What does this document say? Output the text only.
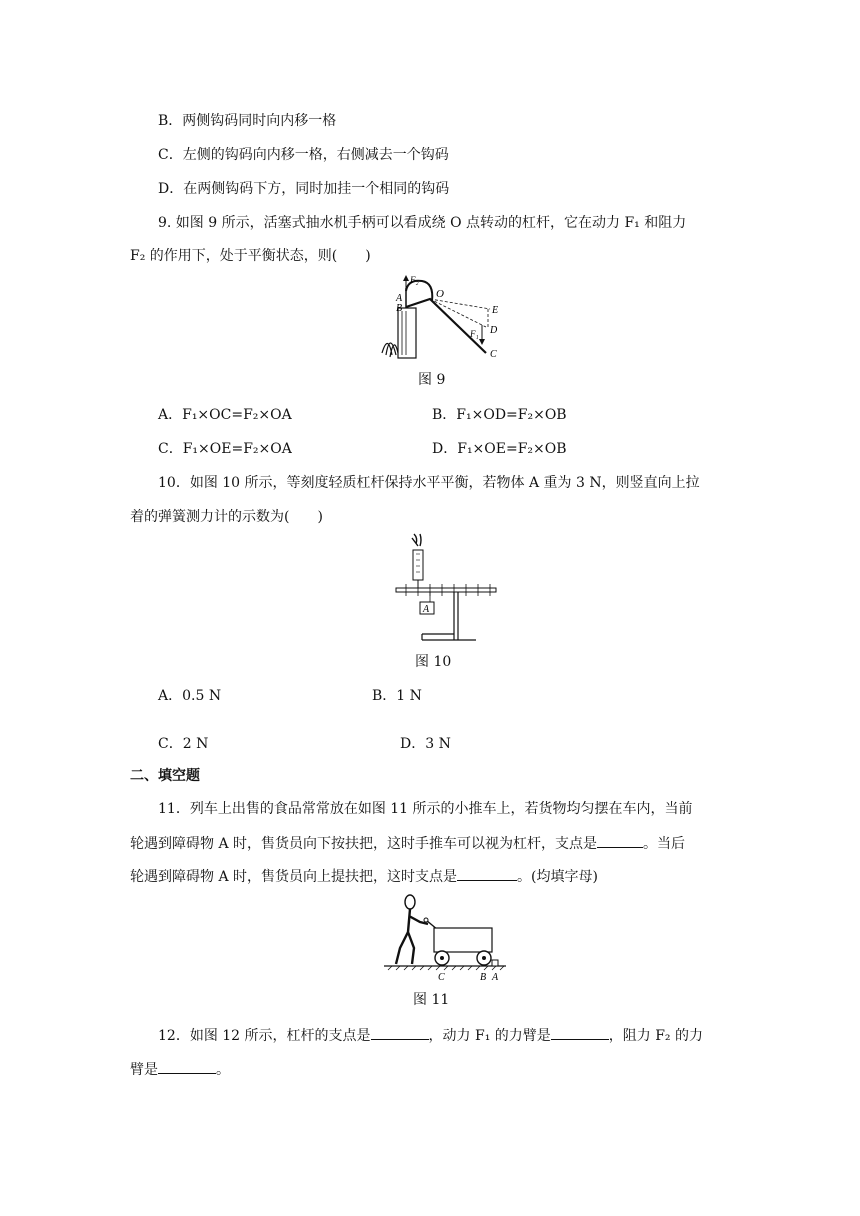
B．两侧钩码同时向内移一格
C．左侧的钩码向内移一格，右侧减去一个钩码
D．在两侧钩码下方，同时加挂一个相同的钩码
9. 如图 9 所示，活塞式抽水机手柄可以看成绕 O 点转动的杠杆，它在动力 F₁ 和阻力
F₂ 的作用下，处于平衡状态，则(　　)
F₂
A
B
O
E
D
F₁
C
图 9
A．F₁×OC=F₂×OA	B．F₁×OD=F₂×OB
C．F₁×OE=F₂×OA	D．F₁×OE=F₂×OB
10．如图 10 所示，等刻度轻质杠杆保持水平平衡，若物体 A 重为 3 N，则竖直向上拉
着的弹簧测力计的示数为(　　)
A
图 10
A．0.5 N	B．1 N
C．2 N	D．3 N
二、填空题
11．列车上出售的食品常常放在如图 11 所示的小推车上，若货物均匀摆在车内，当前
轮遇到障碍物 A 时，售货员向下按扶把，这时手推车可以视为杠杆，支点是	。当后
轮遇到障碍物 A 时，售货员向上提扶把，这时支点是	。(均填字母)
C	B A
图 11
12．如图 12 所示，杠杆的支点是	，动力 F₁ 的力臂是	，阻力 F₂ 的力
臂是	。
